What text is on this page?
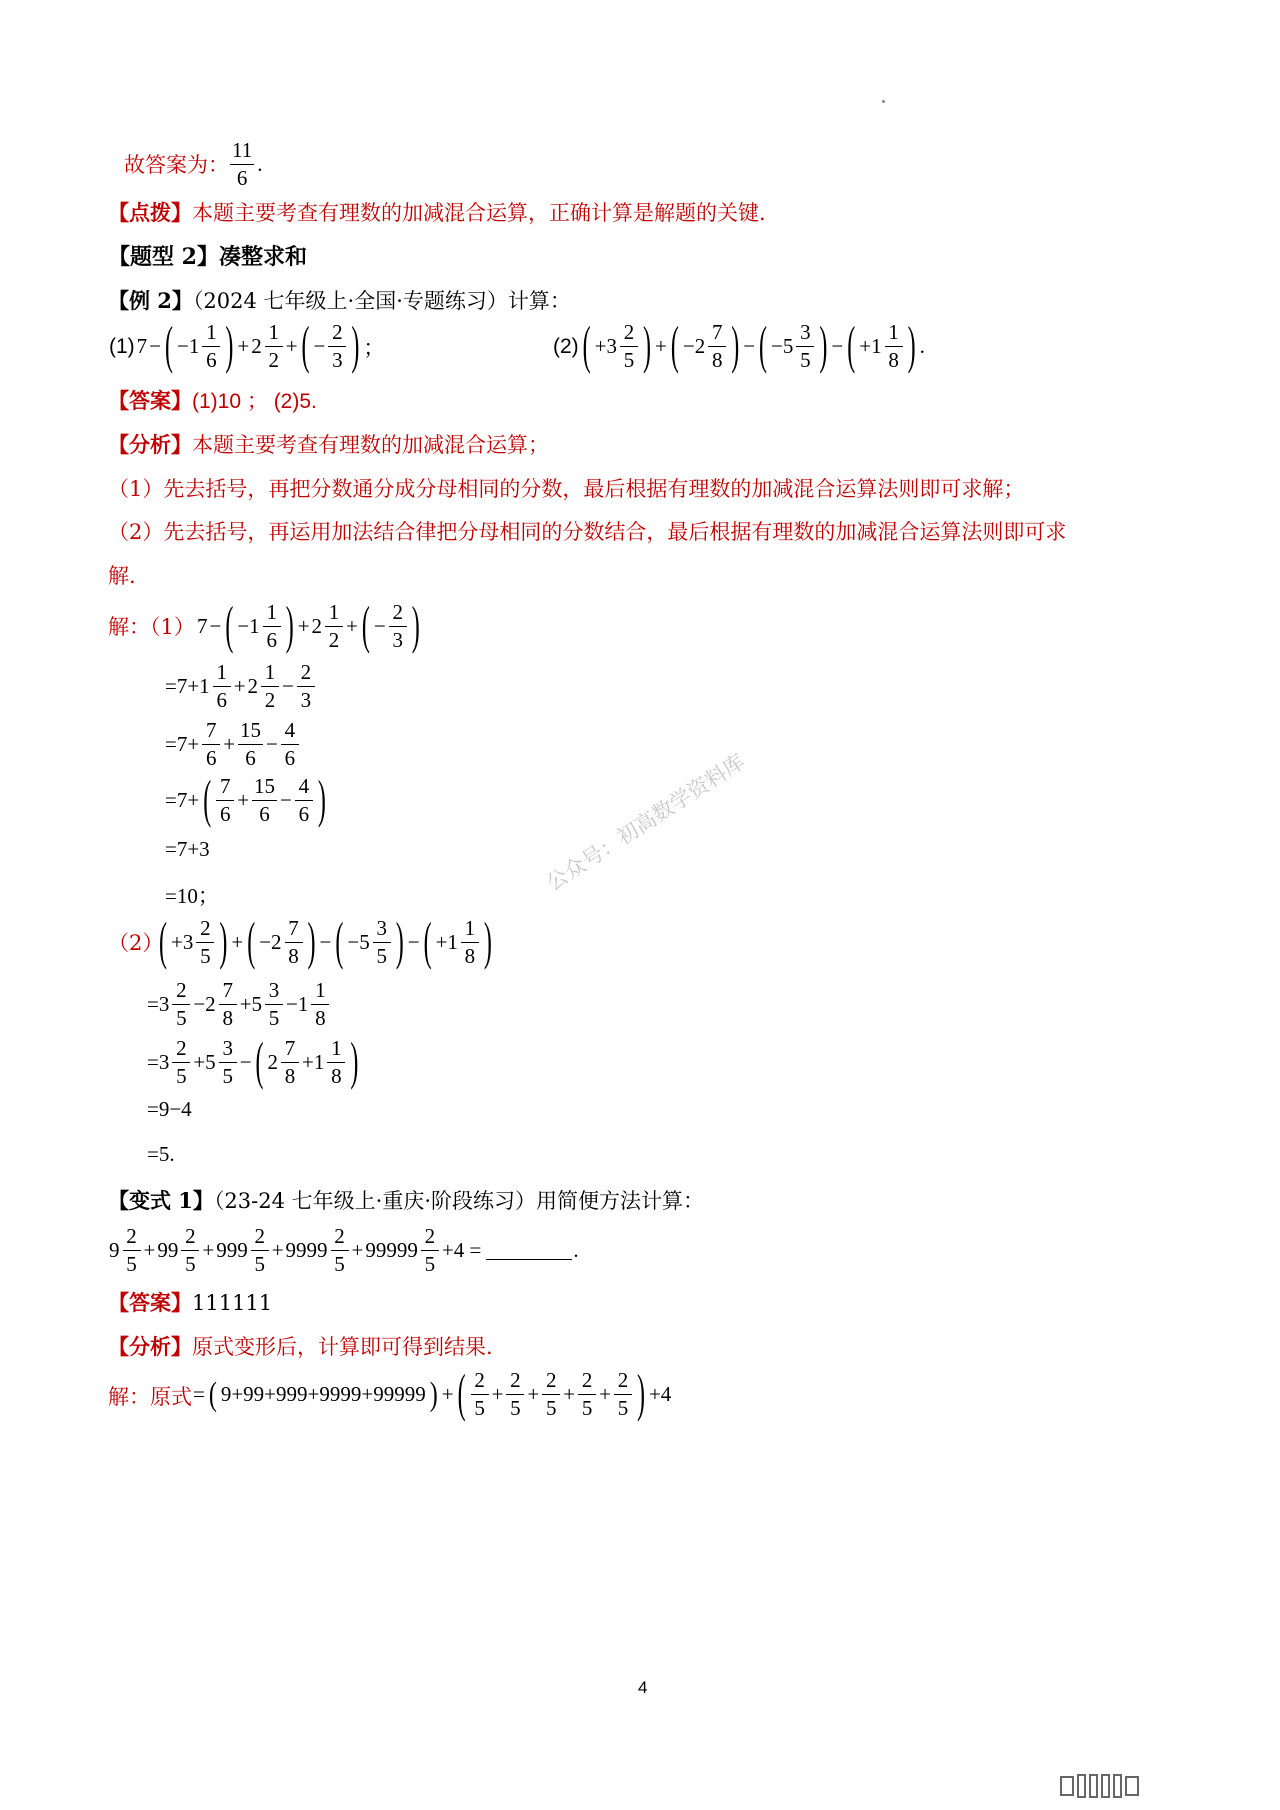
故答案为： $\frac{11}{6}$ .
【点拨】本题主要考查有理数的加减混合运算，正确计算是解题的关键.
【题型 2】凑整求和
【例 2】（2024 七年级上·全国·专题练习）计算：
(1) 7 − ( $-1 \frac{1}{6}$ ) + $2 \frac{1}{2}$ + ( − $\frac{2}{3}$ ) ；	(2) ( $+3 \frac{2}{5}$ ) + ( $-2 \frac{7}{8}$ ) − ( $-5 \frac{3}{5}$ ) − ( $+1 \frac{1}{8}$ ) .
【答案】(1)10 ； (2)5.
【分析】本题主要考查有理数的加减混合运算；
（1）先去括号，再把分数通分成分母相同的分数，最后根据有理数的加减混合运算法则即可求解；
（2）先去括号，再运用加法结合律把分母相同的分数结合，最后根据有理数的加减混合运算法则即可求
解.
解：（1） 7 − ( $-1 \frac{1}{6}$ ) + $2 \frac{1}{2}$ + ( − $\frac{2}{3}$ )
$=7+1 \frac{1}{6} + 2 \frac{1}{2} - \frac{2}{3}$
$=7+ \frac{7}{6} + \frac{15}{6} - \frac{4}{6}$
=7+ ( $\frac{7}{6} + \frac{15}{6} - \frac{4}{6}$ )
=7+3
=10；
（2）
( $+3 \frac{2}{5}$ ) + ( $-2 \frac{7}{8}$ ) − ( $-5 \frac{3}{5}$ ) − ( $+1 \frac{1}{8}$ )
$=3 \frac{2}{5} -2 \frac{7}{8} +5 \frac{3}{5} -1 \frac{1}{8}$
$=3 \frac{2}{5} +5 \frac{3}{5}$ − ( $2 \frac{7}{8} +1 \frac{1}{8}$ )
=9−4
=5.
【变式 1】（23-24 七年级上·重庆·阶段练习）用简便方法计算：
$9 \frac{2}{5} + 99 \frac{2}{5} + 999 \frac{2}{5} + 9999 \frac{2}{5} + 99999 \frac{2}{5} +4$ =	.
【答案】111111
【分析】原式变形后，计算即可得到结果.
解：原式 = ( 9+99+999+9999+99999 ) + ( $\frac{2}{5} + \frac{2}{5} + \frac{2}{5} + \frac{2}{5} + \frac{2}{5}$ ) +4
公众号：初高数学资料库
4
